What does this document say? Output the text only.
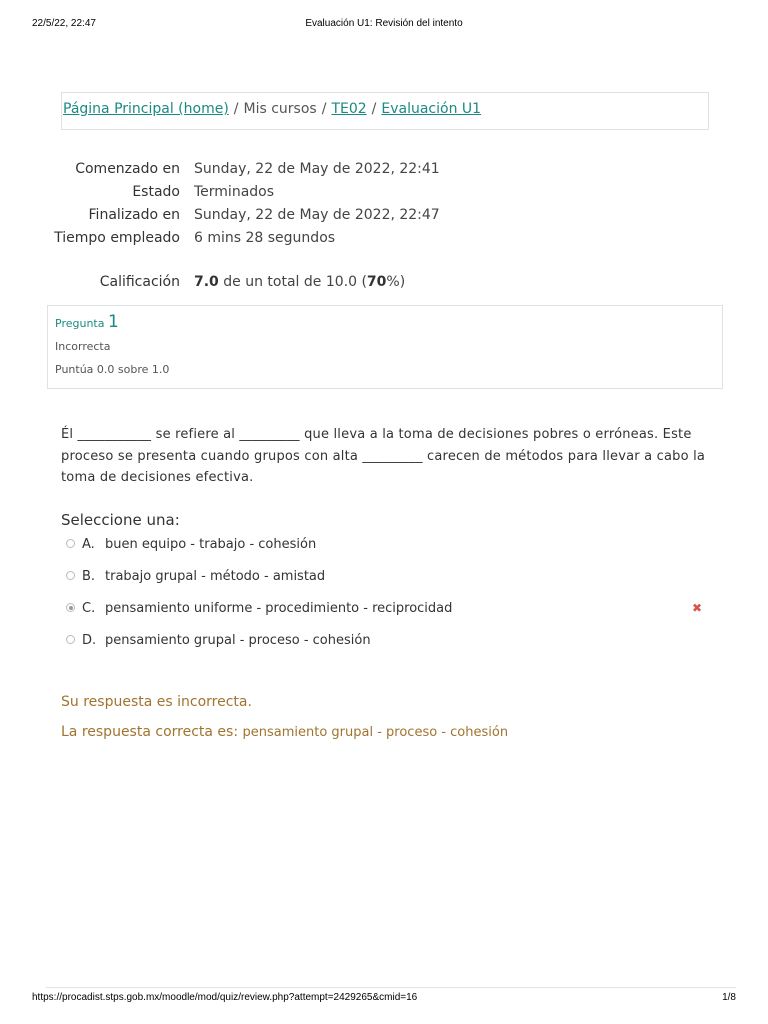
22/5/22, 22:47	Evaluación U1: Revisión del intento
Página Principal (home) / Mis cursos / TE02 / Evaluación U1
Comenzado en Sunday, 22 de May de 2022, 22:41
Estado Terminados
Finalizado en Sunday, 22 de May de 2022, 22:47
Tiempo empleado 6 mins 28 segundos
Calificación 7.0 de un total de 10.0 (70%)
Pregunta 1
Incorrecta
Puntúa 0.0 sobre 1.0
Él ___________ se refiere al _________ que lleva a la toma de decisiones pobres o erróneas. Este proceso se presenta cuando grupos con alta _________ carecen de métodos para llevar a cabo la toma de decisiones efectiva.
Seleccione una:
A. buen equipo - trabajo - cohesión
B. trabajo grupal - método - amistad
C. pensamiento uniforme - procedimiento - reciprocidad	✖
D. pensamiento grupal - proceso - cohesión
Su respuesta es incorrecta.
La respuesta correcta es: pensamiento grupal - proceso - cohesión
https://procadist.stps.gob.mx/moodle/mod/quiz/review.php?attempt=2429265&cmid=16	1/8
